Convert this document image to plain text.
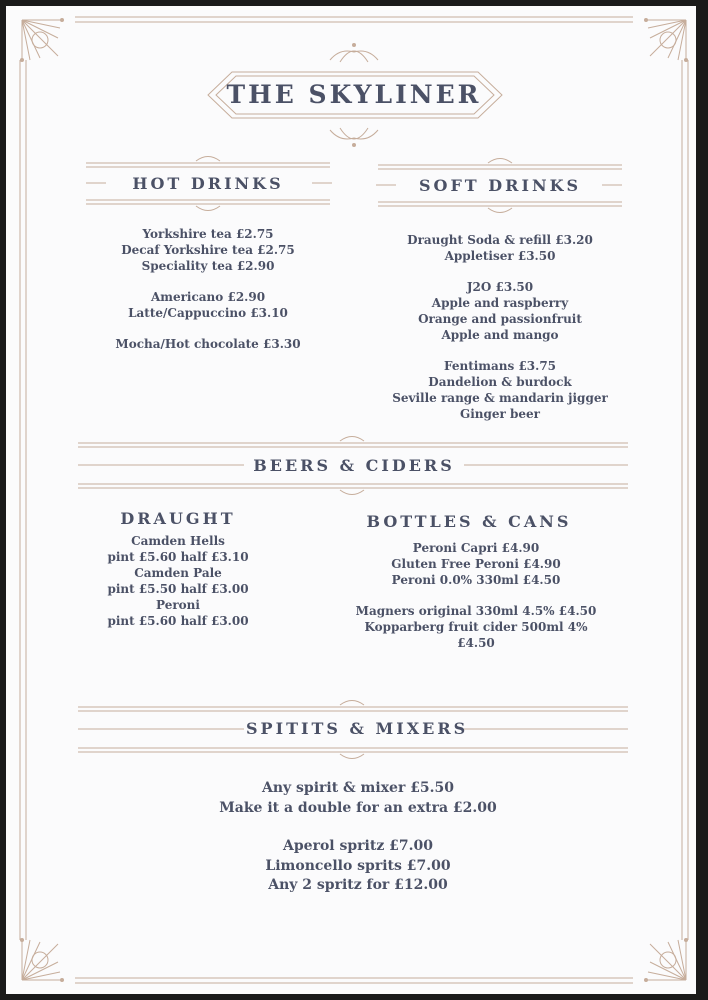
THE SKYLINER
HOT DRINKS
Yorkshire tea £2.75
Decaf Yorkshire tea £2.75
Speciality tea £2.90
Americano £2.90
Latte/Cappuccino £3.10
Mocha/Hot chocolate £3.30
SOFT DRINKS
Draught Soda & refill £3.20
Appletiser £3.50
J2O £3.50
Apple and raspberry
Orange and passionfruit
Apple and mango
Fentimans £3.75
Dandelion & burdock
Seville range & mandarin jigger
Ginger beer
BEERS & CIDERS
DRAUGHT
Camden Hells
pint £5.60 half £3.10
Camden Pale
pint £5.50 half £3.00
Peroni
pint £5.60 half £3.00
BOTTLES & CANS
Peroni Capri £4.90
Gluten Free Peroni £4.90
Peroni 0.0% 330ml £4.50
Magners original 330ml 4.5% £4.50
Kopparberg fruit cider 500ml 4% £4.50
SPITITS & MIXERS
Any spirit & mixer £5.50
Make it a double for an extra £2.00
Aperol spritz £7.00
Limoncello sprits £7.00
Any 2 spritz for £12.00
